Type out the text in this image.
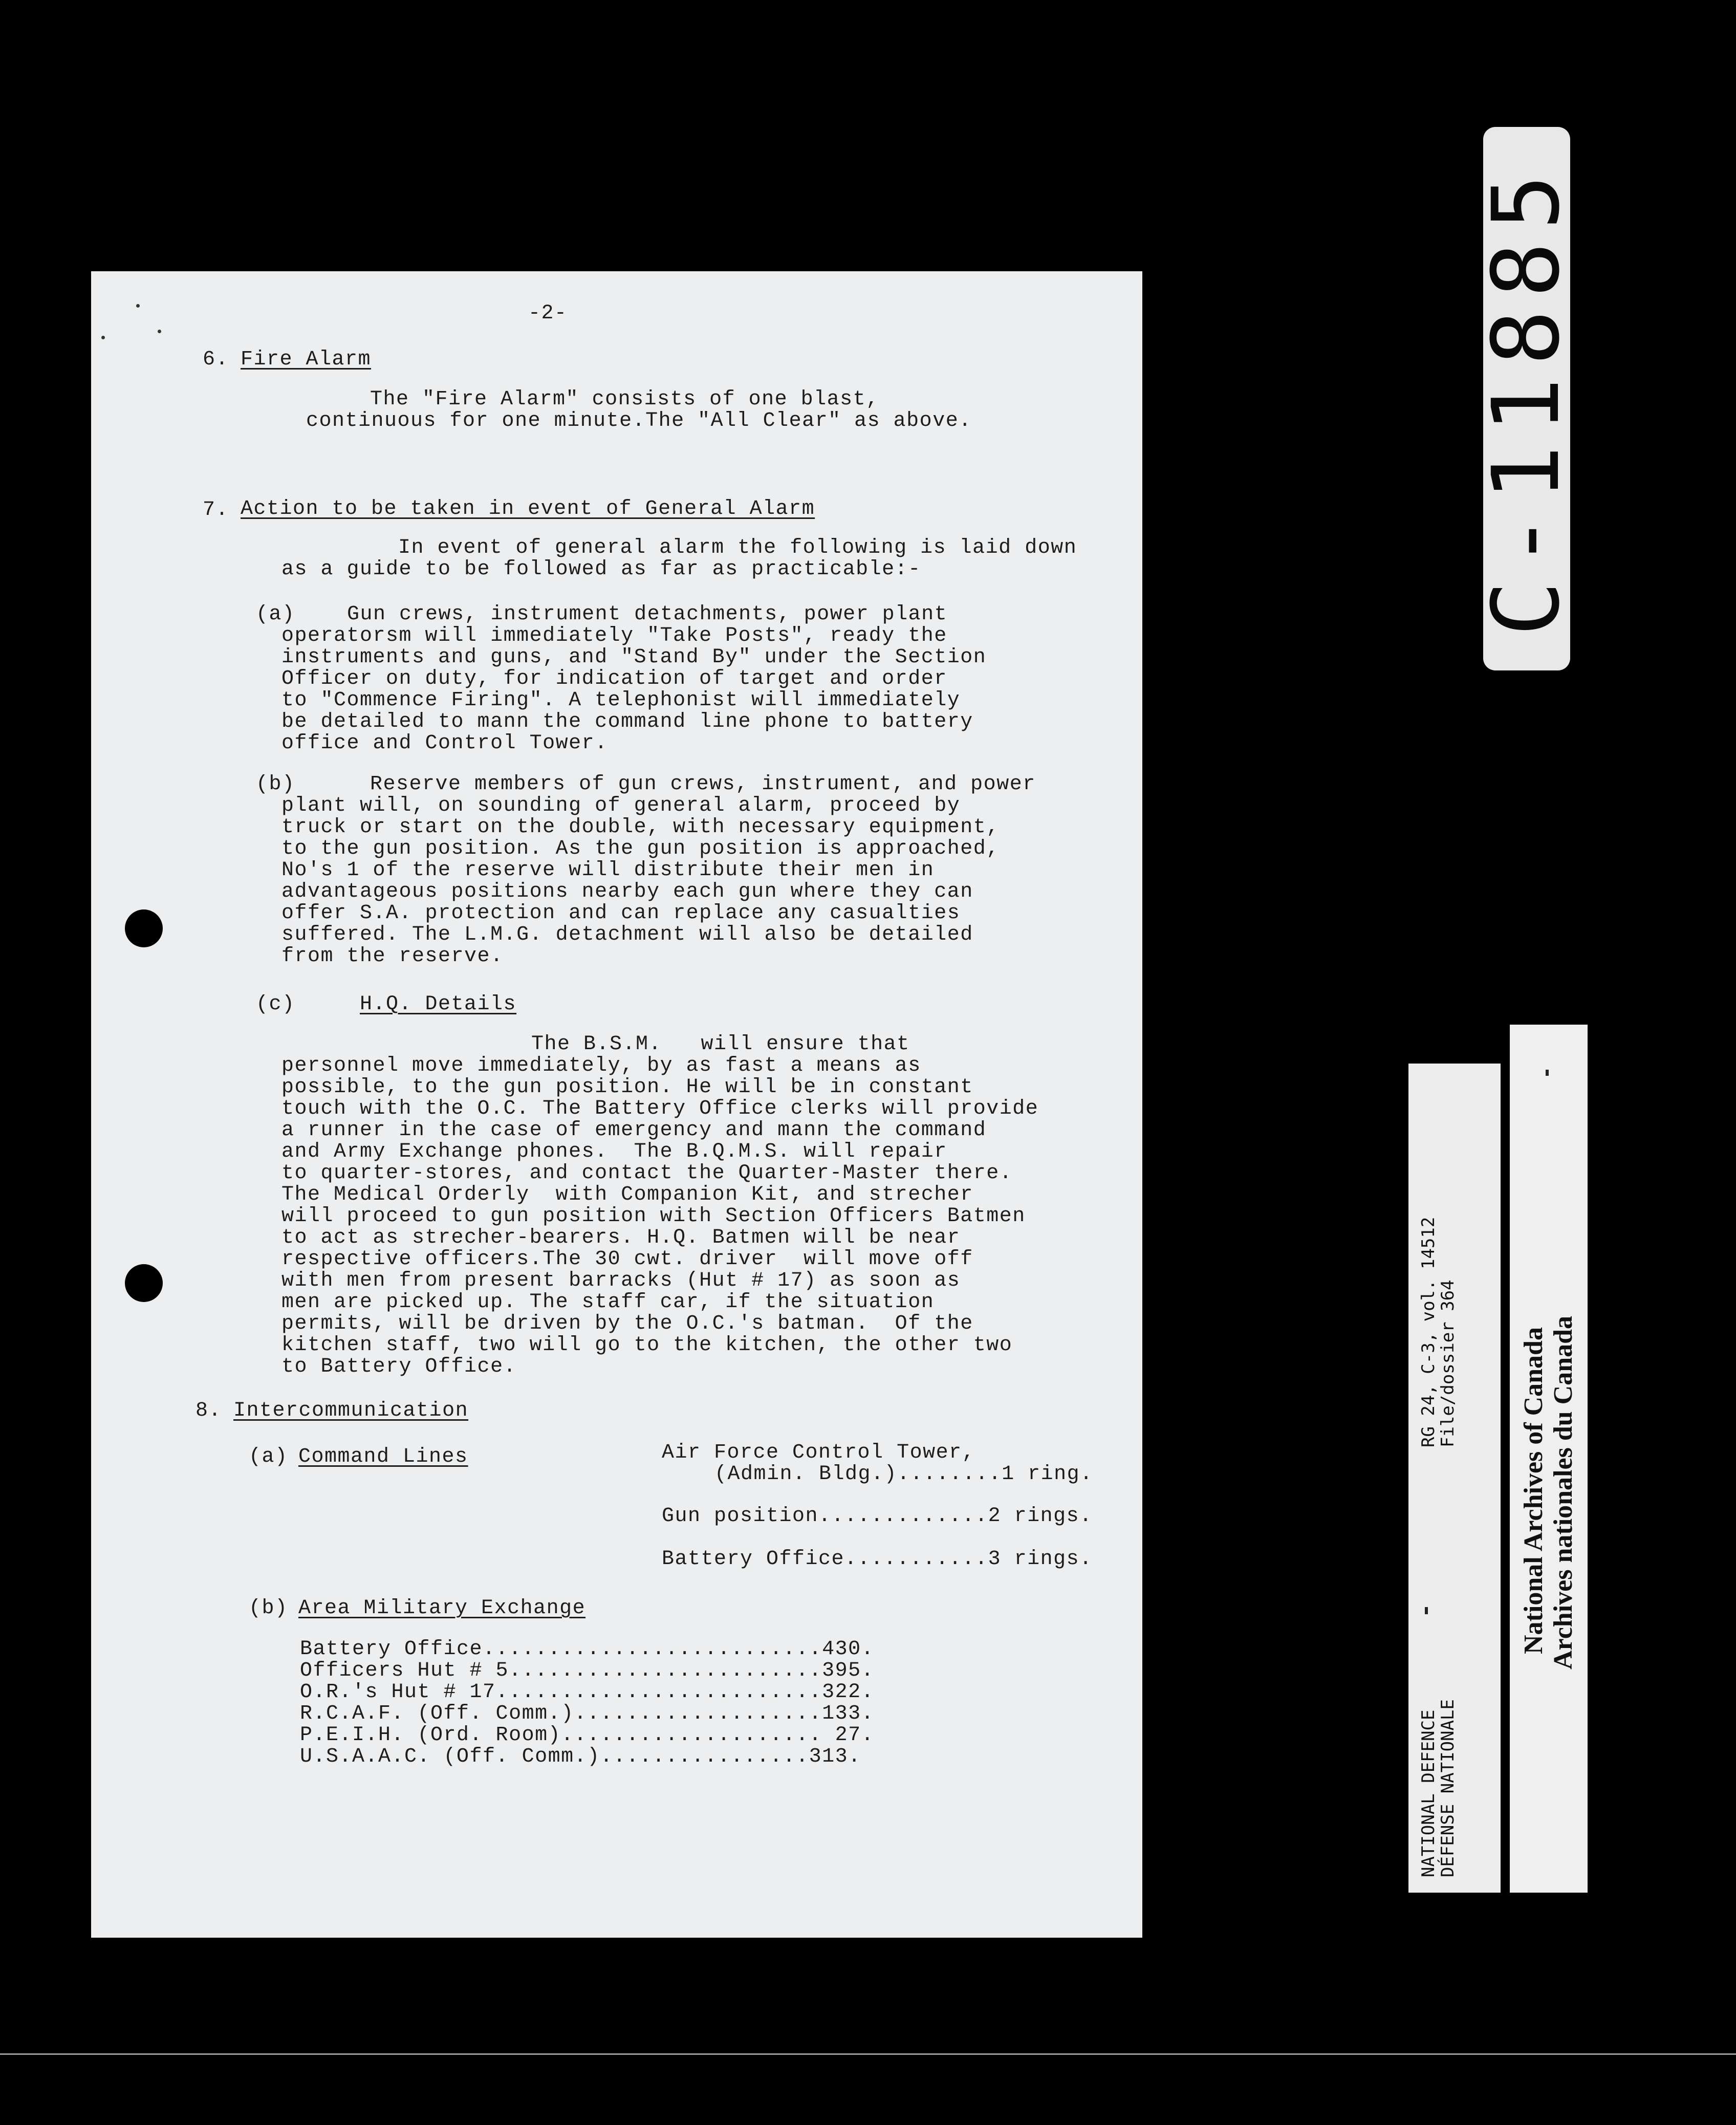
-2-
6. Fire Alarm
The "Fire Alarm" consists of one blast,
continuous for one minute.The "All Clear" as above.
7. Action to be taken in event of General Alarm
In event of general alarm the following is laid down
as a guide to be followed as far as practicable:-
(a)	Gun crews, instrument detachments, power plant
operatorsm will immediately "Take Posts", ready the
instruments and guns, and "Stand By" under the Section
Officer on duty, for indication of target and order
to "Commence Firing". A telephonist will immediately
be detailed to mann the command line phone to battery
office and Control Tower.
(b)	Reserve members of gun crews, instrument, and power
plant will, on sounding of general alarm, proceed by
truck or start on the double, with necessary equipment,
to the gun position. As the gun position is approached,
No's 1 of the reserve will distribute their men in
advantageous positions nearby each gun where they can
offer S.A. protection and can replace any casualties
suffered. The L.M.G. detachment will also be detailed
from the reserve.
(c)	H.Q. Details
The B.S.M.   will ensure that
personnel move immediately, by as fast a means as
possible, to the gun position. He will be in constant
touch with the O.C. The Battery Office clerks will provide
a runner in the case of emergency and mann the command
and Army Exchange phones.  The B.Q.M.S. will repair
to quarter-stores, and contact the Quarter-Master there.
The Medical Orderly  with Companion Kit, and strecher
will proceed to gun position with Section Officers Batmen
to act as strecher-bearers. H.Q. Batmen will be near
respective officers.The 30 cwt. driver  will move off
with men from present barracks (Hut # 17) as soon as
men are picked up. The staff car, if the situation
permits, will be driven by the O.C.'s batman.  Of the
kitchen staff, two will go to the kitchen, the other two
to Battery Office.
8. Intercommunication
(a) Command Lines	Air Force Control Tower,
(Admin. Bldg.)........1 ring.
Gun position.............2 rings.
Battery Office...........3 rings.
(b) Area Military Exchange
Battery Office..........................430.
Officers Hut # 5........................395.
O.R.'s Hut # 17.........................322.
R.C.A.F. (Off. Comm.)...................133.
P.E.I.H. (Ord. Room).................... 27.
U.S.A.A.C. (Off. Comm.)................313.
C-11885
NATIONAL DEFENCE
DÉFENSE NATIONALE
RG 24, C-3, vol. 14512
File/dossier 364 National Archives of Canada Archives nationales du Canada
